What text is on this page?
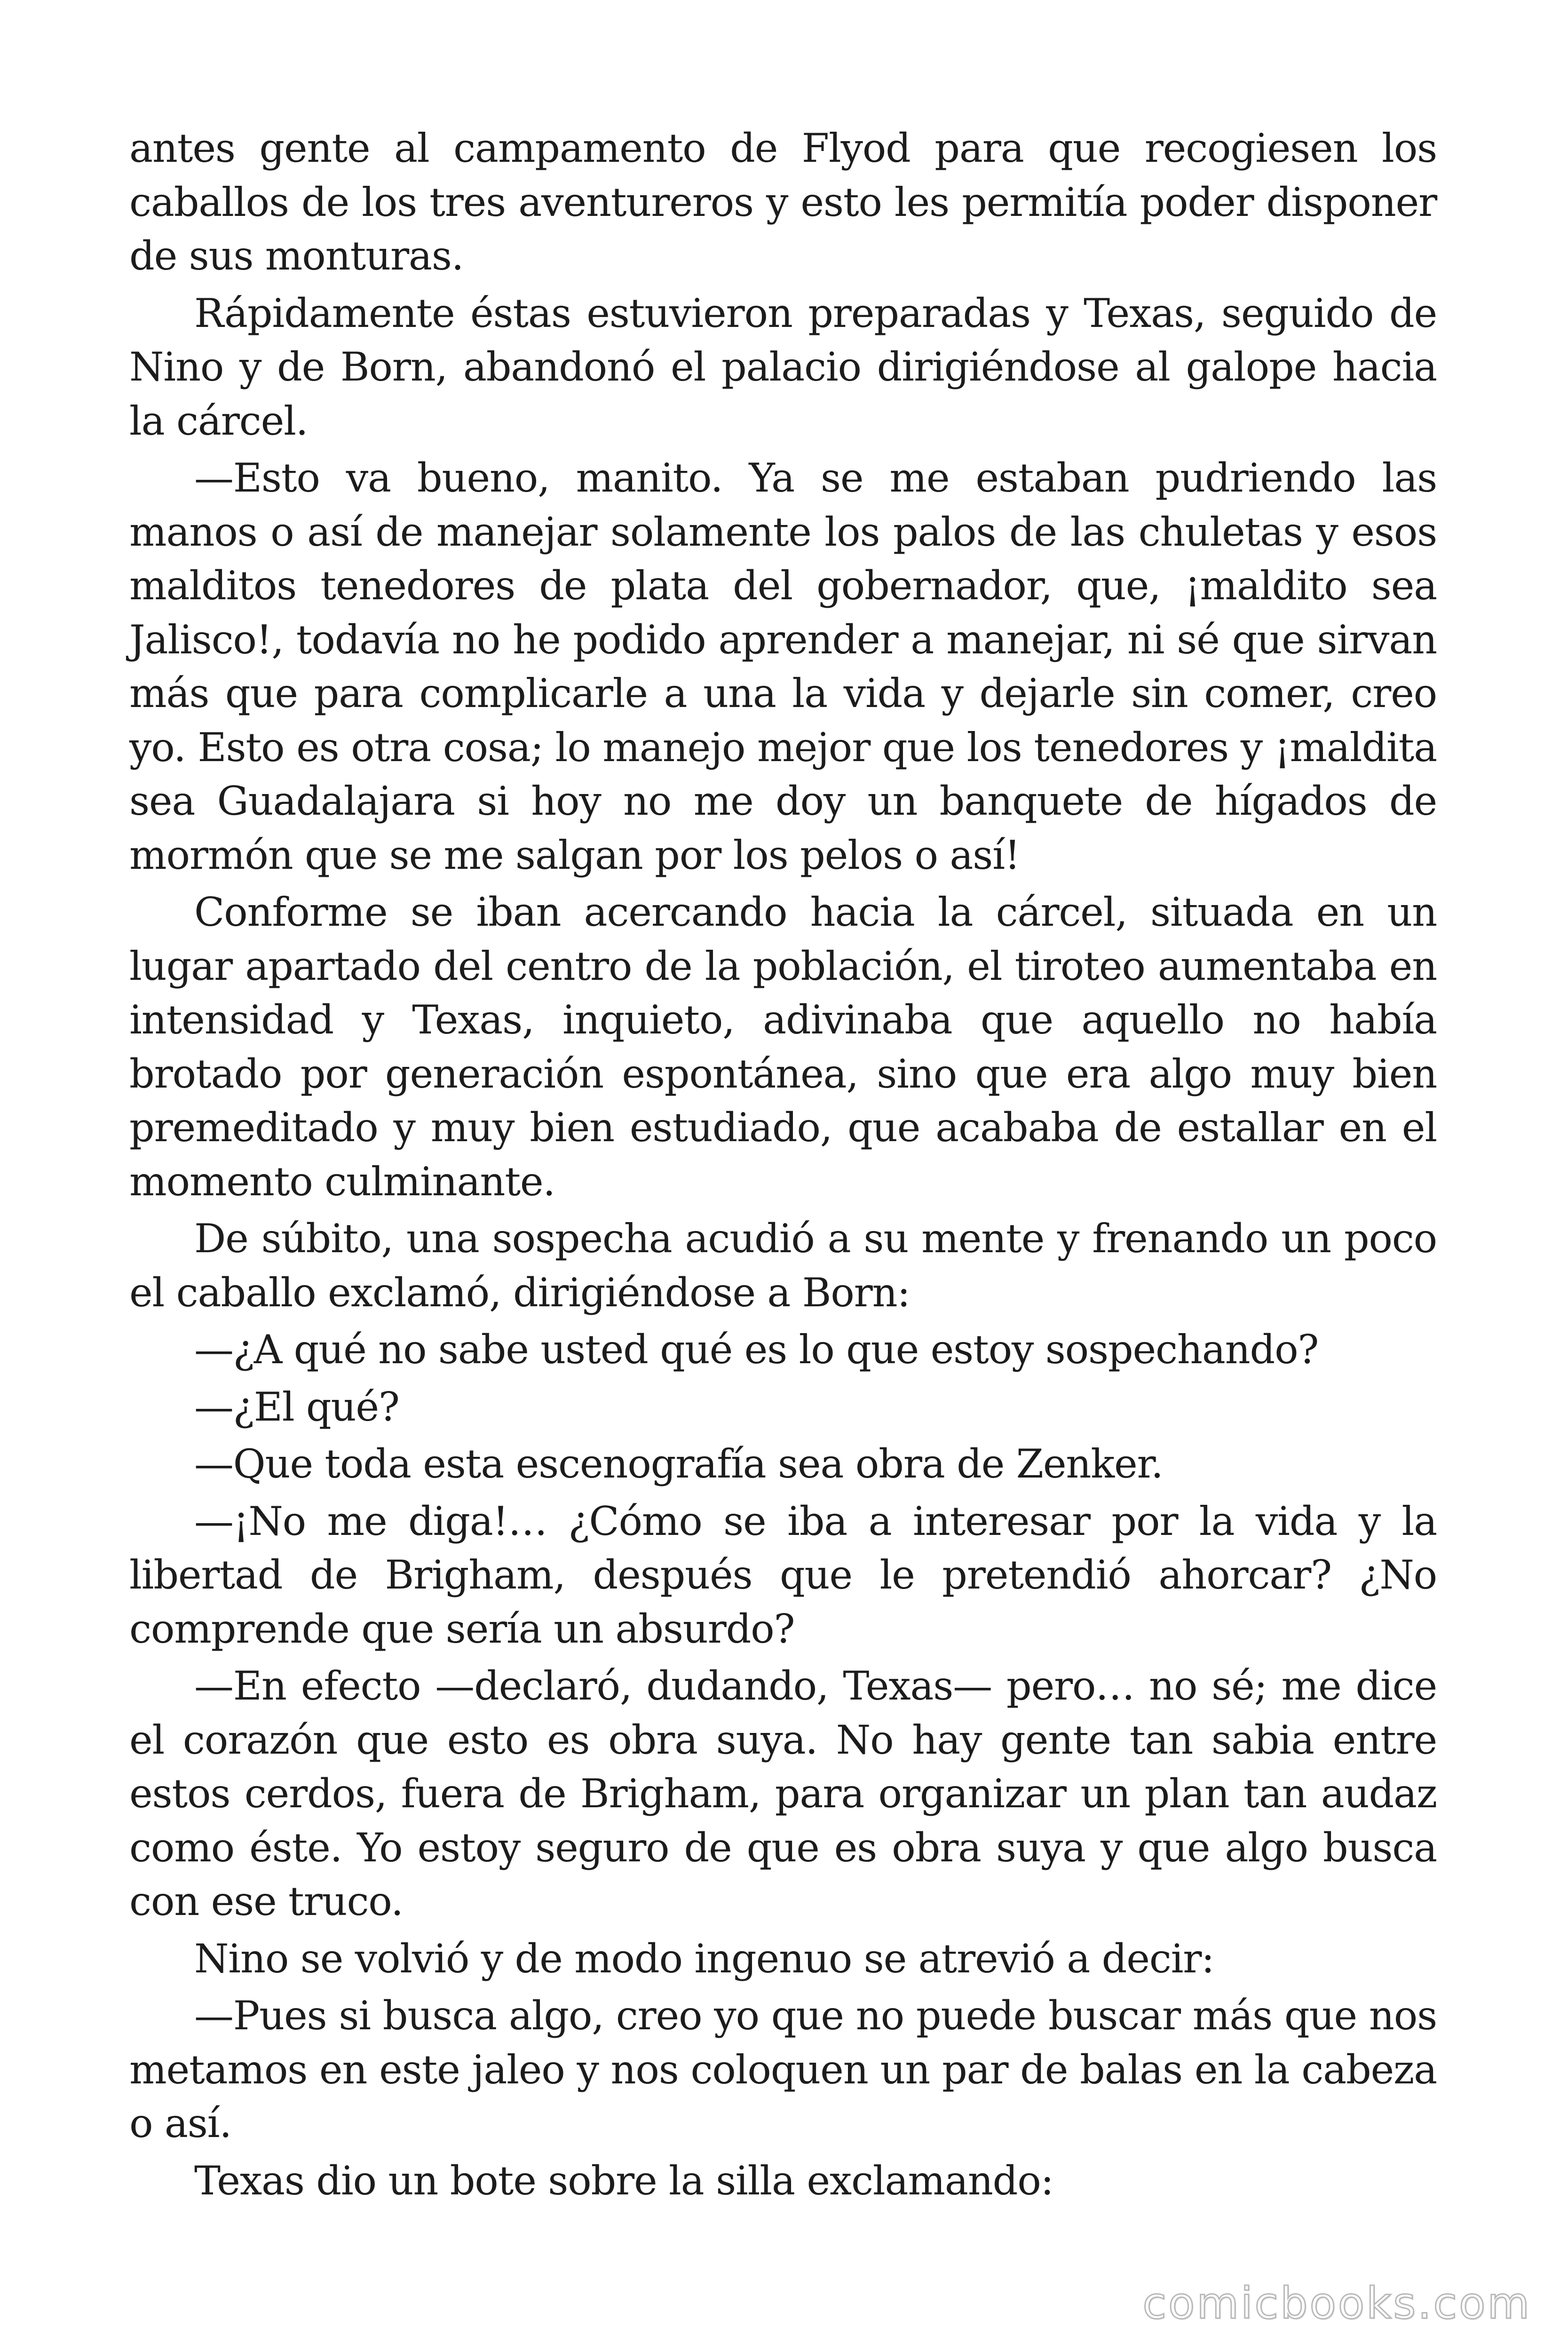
antes gente al campamento de Flyod para que recogiesen los caballos de los tres aventureros y esto les permitía poder disponer de sus monturas.

Rápidamente éstas estuvieron preparadas y Texas, seguido de Nino y de Born, abandonó el palacio dirigiéndose al galope hacia la cárcel.

—Esto va bueno, manito. Ya se me estaban pudriendo las manos o así de manejar solamente los palos de las chuletas y esos malditos tenedores de plata del gobernador, que, ¡maldito sea Jalisco!, todavía no he podido aprender a manejar, ni sé que sirvan más que para complicarle a una la vida y dejarle sin comer, creo yo. Esto es otra cosa; lo manejo mejor que los tenedores y ¡maldita sea Guadalajara si hoy no me doy un banquete de hígados de mormón que se me salgan por los pelos o así!

Conforme se iban acercando hacia la cárcel, situada en un lugar apartado del centro de la población, el tiroteo aumentaba en intensidad y Texas, inquieto, adivinaba que aquello no había brotado por generación espontánea, sino que era algo muy bien premeditado y muy bien estudiado, que acababa de estallar en el momento culminante.

De súbito, una sospecha acudió a su mente y frenando un poco el caballo exclamó, dirigiéndose a Born:

—¿A qué no sabe usted qué es lo que estoy sospechando?

—¿El qué?

—Que toda esta escenografía sea obra de Zenker.

—¡No me diga!… ¿Cómo se iba a interesar por la vida y la libertad de Brigham, después que le pretendió ahorcar? ¿No comprende que sería un absurdo?

—En efecto —declaró, dudando, Texas— pero… no sé; me dice el corazón que esto es obra suya. No hay gente tan sabia entre estos cerdos, fuera de Brigham, para organizar un plan tan audaz como éste. Yo estoy seguro de que es obra suya y que algo busca con ese truco.

Nino se volvió y de modo ingenuo se atrevió a decir:

—Pues si busca algo, creo yo que no puede buscar más que nos metamos en este jaleo y nos coloquen un par de balas en la cabeza o así.

Texas dio un bote sobre la silla exclamando:

comicbooks.com
